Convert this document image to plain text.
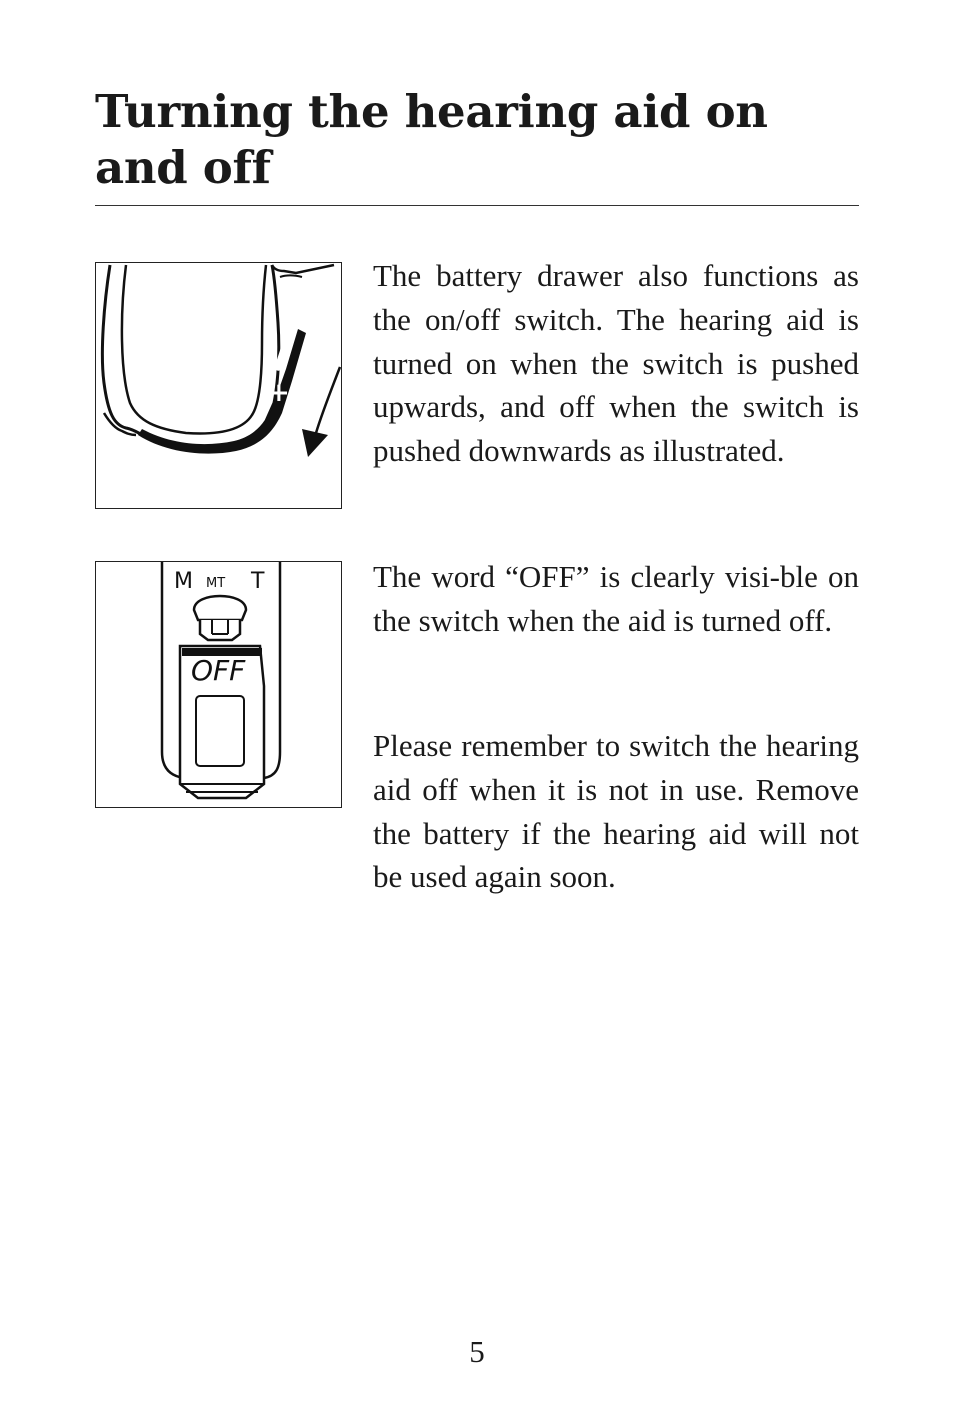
Turning the hearing aid on and off
+
M MT T
OFF

The battery drawer also functions as the on/off switch. The hearing aid is turned on when the switch is pushed upwards, and off when the switch is pushed downwards as illustrated.

The word “OFF” is clearly visi-ble on the switch when the aid is turned off.

Please remember to switch the hearing aid off when it is not in use. Remove the battery if the hearing aid will not be used again soon.

5
